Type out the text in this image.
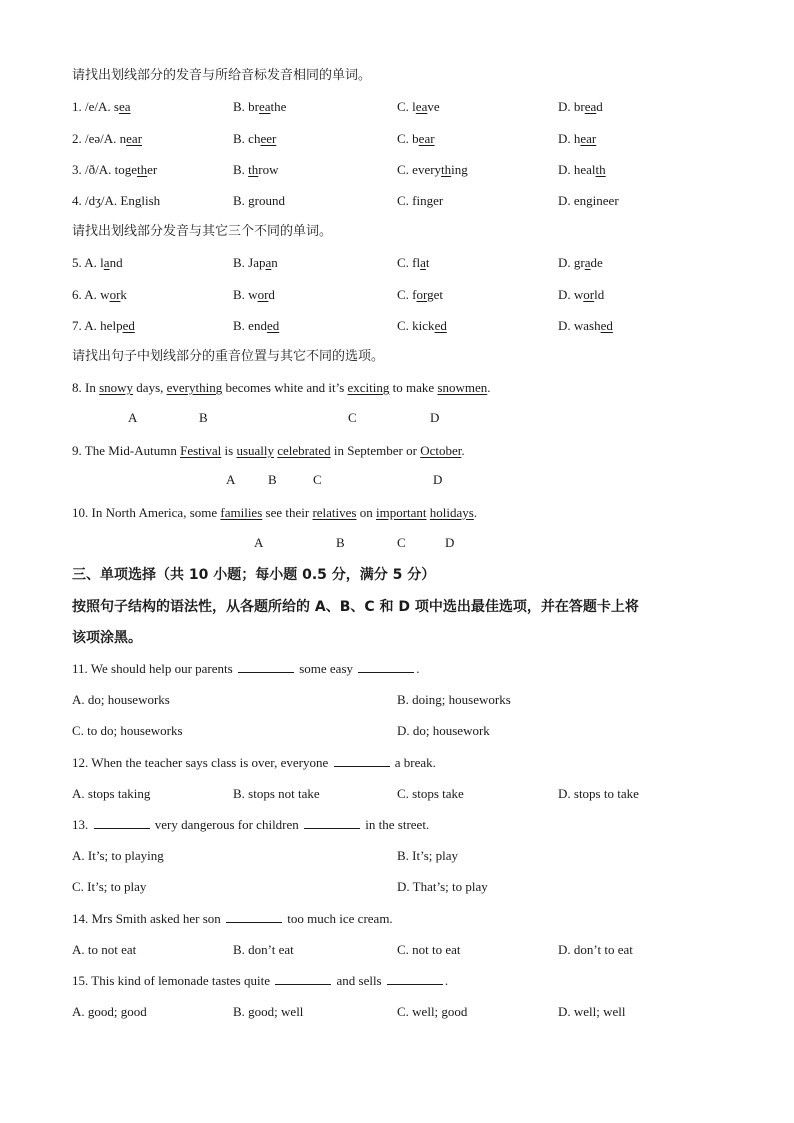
请找出划线部分的发音与所给音标发音相同的单词。
1. /e/A. sea	B. breathe	C. leave	D. bread
2. /eə/A. near	B. cheer	C. bear	D. hear
3. /ð/A. together	B. throw	C. everything	D. health
4. /dʒ/A. English	B. ground	C. finger	D. engineer
请找出划线部分发音与其它三个不同的单词。
5. A. land	B. Japan	C. flat	D. grade
6. A. work	B. word	C. forget	D. world
7. A. helped	B. ended	C. kicked	D. washed
请找出句子中划线部分的重音位置与其它不同的选项。
8. In snowy days, everything becomes white and it’s exciting to make snowmen.
A	B	C	D
9. The Mid-Autumn Festival is usually celebrated in September or October.
A	B	C	D
10. In North America, some families see their relatives on important holidays.
A	B	C	D
三、单项选择（共 10 小题；每小题 0.5 分，满分 5 分）
按照句子结构的语法性，从各题所给的 A、B、C 和 D 项中选出最佳选项，并在答题卡上将
该项涂黑。
11. We should help our parents	some easy	.
A. do; houseworks	B. doing; houseworks
C. to do; houseworks	D. do; housework
12. When the teacher says class is over, everyone	a break.
A. stops taking	B. stops not take	C. stops take	D. stops to take
13.	very dangerous for children	in the street.
A. It’s; to playing	B. It’s; play
C. It’s; to play	D. That’s; to play
14. Mrs Smith asked her son	too much ice cream.
A. to not eat	B. don’t eat	C. not to eat	D. don’t to eat
15. This kind of lemonade tastes quite	and sells	.
A. good; good	B. good; well	C. well; good	D. well; well
